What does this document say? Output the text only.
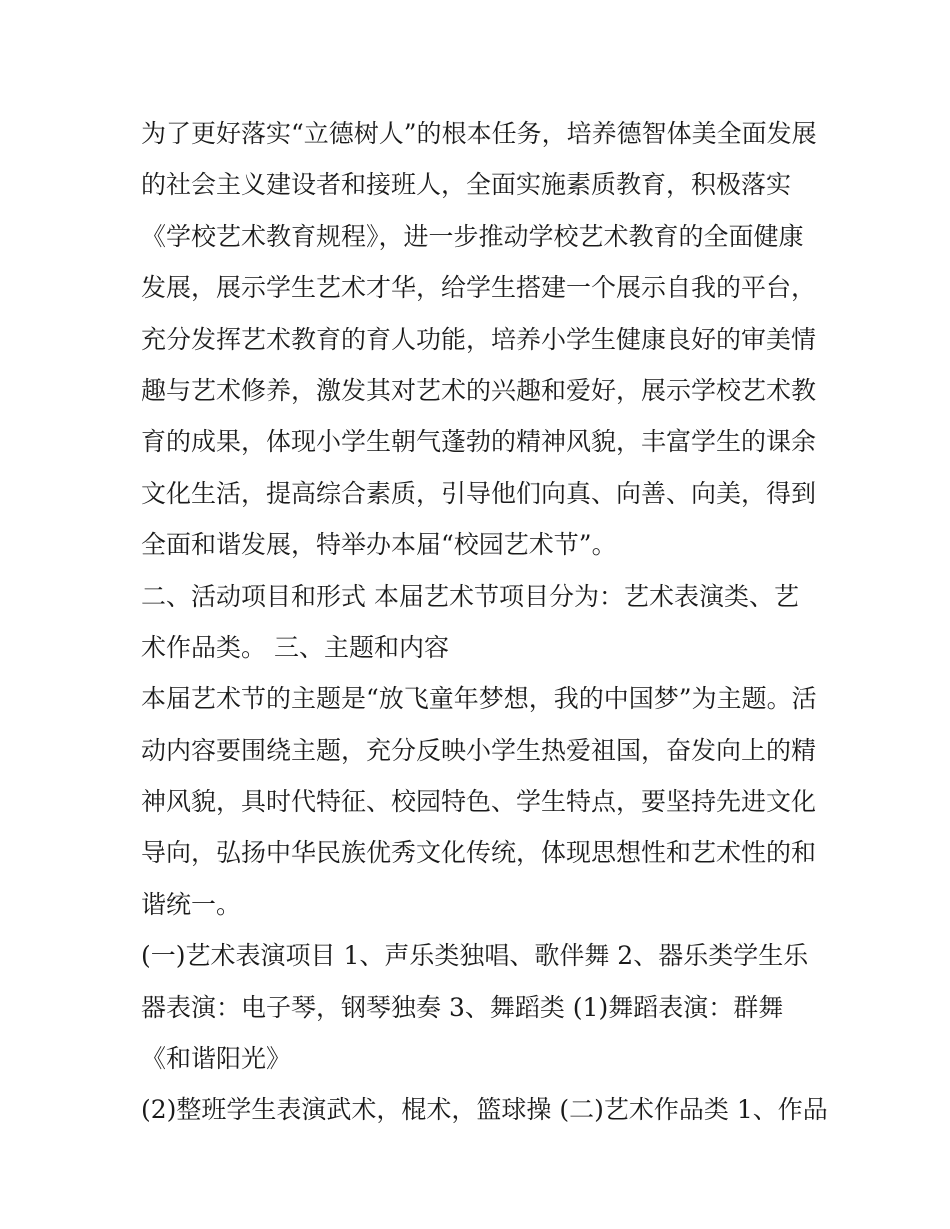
为了更好落实“立德树人”的根本任务，培养德智体美全面发展
的社会主义建设者和接班人，全面实施素质教育，积极落实
《学校艺术教育规程》，进一步推动学校艺术教育的全面健康
发展，展示学生艺术才华，给学生搭建一个展示自我的平台，
充分发挥艺术教育的育人功能，培养小学生健康良好的审美情
趣与艺术修养，激发其对艺术的兴趣和爱好，展示学校艺术教
育的成果，体现小学生朝气蓬勃的精神风貌，丰富学生的课余
文化生活，提高综合素质，引导他们向真、向善、向美，得到
全面和谐发展，特举办本届“校园艺术节”。
二、活动项目和形式 本届艺术节项目分为：艺术表演类、艺
术作品类。 三、主题和内容
本届艺术节的主题是“放飞童年梦想，我的中国梦”为主题。活
动内容要围绕主题，充分反映小学生热爱祖国，奋发向上的精
神风貌，具时代特征、校园特色、学生特点，要坚持先进文化
导向，弘扬中华民族优秀文化传统，体现思想性和艺术性的和
谐统一。
(一)艺术表演项目 1、声乐类独唱、歌伴舞 2、器乐类学生乐
器表演：电子琴，钢琴独奏 3、舞蹈类 (1)舞蹈表演：群舞
《和谐阳光》
(2)整班学生表演武术，棍术，篮球操 (二)艺术作品类 1、作品
